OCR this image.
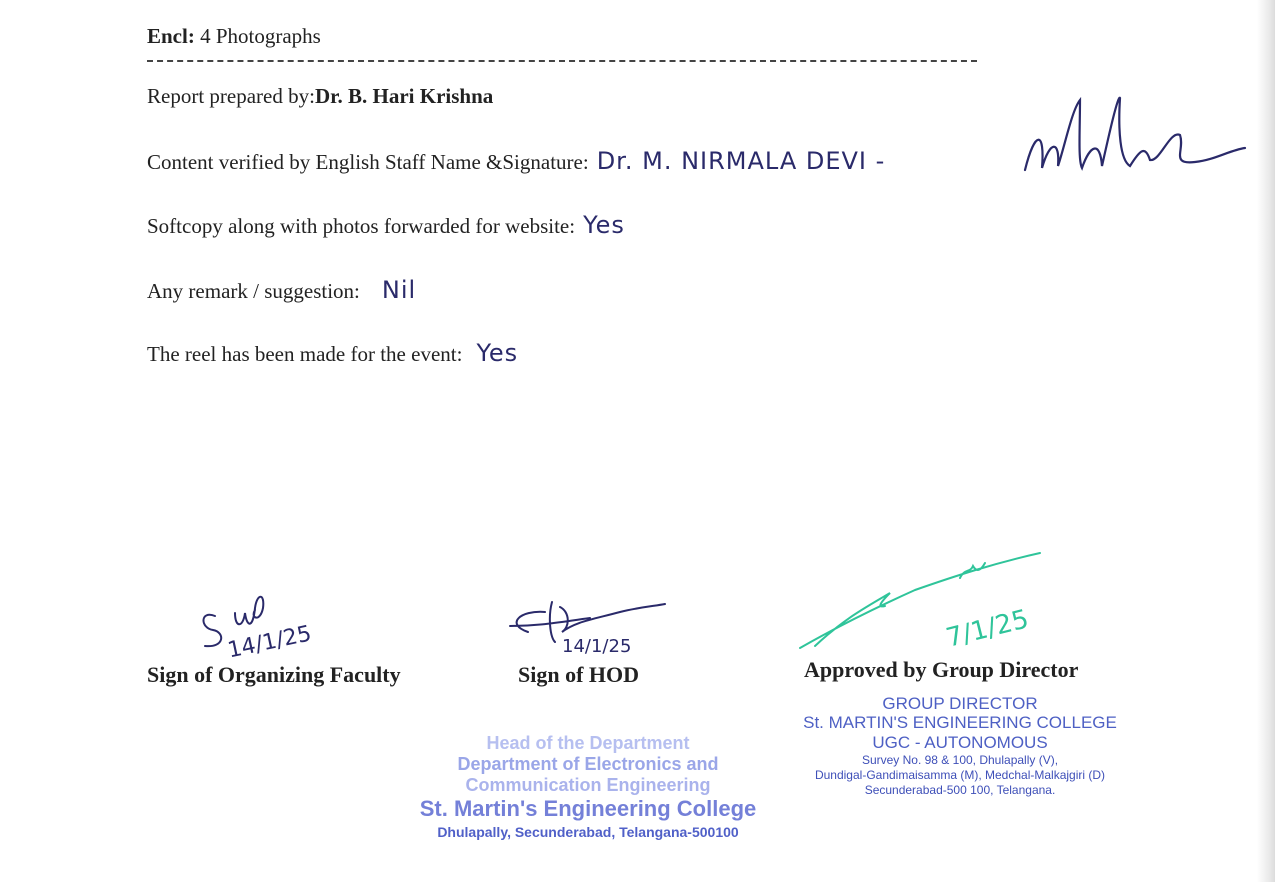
Encl: 4 Photographs
Report prepared by:Dr. B. Hari Krishna
Content verified by English Staff Name &Signature: Dr. M. NIRMALA DEVI -
Softcopy along with photos forwarded for website: Yes
Any remark / suggestion: Nil
The reel has been made for the event: Yes
14/1/25
Sign of Organizing Faculty
14/1/25
Sign of HOD
7/1/25
Approved by Group Director
Head of the Department
Department of Electronics and
Communication Engineering
St. Martin's Engineering College
Dhulapally, Secunderabad, Telangana-500100
GROUP DIRECTOR
St. MARTIN'S ENGINEERING COLLEGE
UGC - AUTONOMOUS
Survey No. 98 & 100, Dhulapally (V),
Dundigal-Gandimaisamma (M), Medchal-Malkajgiri (D)
Secunderabad-500 100, Telangana.
